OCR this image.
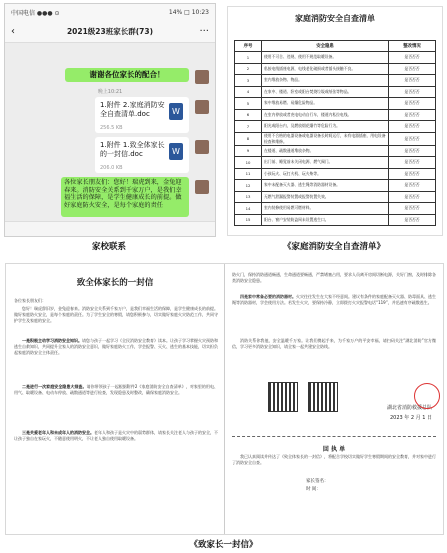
中国电信 ●●● ⊙	14% □ 10:23
‹	2021级23班家长群(73)	···
谢谢各位家长的配合！
晚上10:21
1.附件 2.家庭消防安全自查清单.doc
256.5 KB
W
1.附件 1.致全体家长的一封信.doc
206.0 KB
W
各位家长朋友们：您好！瑞虎到来，金兔迎春来。消防安全关系到千家万户，是我们幸福生活的保障，是学生健康成长的前提。做好家庭防火安全，是每个家庭的责任
家校联系
家庭消防安全自查清单
序号	安全隐患	整改情况
1	使用不可合、违规、使用不规范取暖设备。	是否否否
2	私接电线插座电源，电线老化破损或者插头接触不良。	是否否否
3	室内堆放杂物、物品。	是否否否
4	在家中、楼道、卧室或阳台焚烧垃圾或纸张等物品。	是否否否
5	家中堆放易燃、易爆危险物品。	是否否否
6	在室内停放或者充电电动自行车，楼道内私拉电线。	是否否否
7	阳光或阳台内，及燃放烟花爆竹等危险行为。	是否否否
8	使用不合格的电器设备或电器设备长时间运行，未有电器插座、用电设备检查和维修。	是否否否
9	在楼道、疏散通道堆放杂物。	是否否否
10	出门前、睡觉前未关闭电源、燃气阀门。	是否否否
11	小孩玩火、玩打火机、玩火柴等。	是否否否
12	家中未配备灭火器、逃生绳等消防器材设备。	是否否否
13	无燃气泄漏报警装置或报警装置失效。	是否否否
14	室内装修使用易燃可燃材料。	是否否否
15	阳台、窗户安装防盗网未设置逃生口。	是否否否
《家庭消防安全自查清单》
致全体家长的一封信
各位家长朋友们：
您好！瑞虎辞旧岁，金兔迎春来。消防安全关系到千家万户，是我们幸福生活的保障，是学生健康成长的前提。做好家庭防火安全，是每个家庭的责任。为了学生安全的寒假，请您积极参与，切实做好家庭火灾防范工作，共同守护学生及家庭的安全。
一是积极主动学习消防安全知识。请您与孩子一起学习《全民消防安全教育》读本。让孩子学习掌握火灾预防和逃生自救知识，共同提升全家人的消防安全意识，做好家庭防火工作，学会报警、灭火、逃生的基本技能，切实担负起家庭消防安全主体责任。
二是进行一次家庭安全隐患大排查。请你带领孩子一起根据附件2《家庭消防安全自查清单》，对家里的用电、用气、取暖设备、电动车停放、疏散通道等进行检查，发现隐患及时整改，确保家庭消防安全。
三是关爱老年人和未成年人的消防安全。老年人和孩子是火灾中的弱势群体，请家长关注老人与孩子的安全，不让孩子独自在家玩火，不随意使用明火，不让老人独自使用取暖设备。
防火门，保持消防通道畅通，生命通道要畅通，严禁堵塞占用，要求人员离开房间切断电源，关好门窗，及时排除各类消防安全隐患。
四是家中常备必要的消防器材。火灾往往发生在大家不经意间。建议有条件的家庭配备灭火器、防毒面具、逃生绳等消防器材，学会使用方法。若发生火灾，要保持冷静，立即拨打火灾报警电话“119”，并迅速有序疏散逃生。
消防关系你我他，安全温暖千万家。让我们携起手来，为千家万户的平安幸福，请扫码关注“湖北消防”官方微信，学习更多消防安全知识，请全家一起共建安全防线。
湖北省消防救援总队
2023 年 2 月 1 日
回 执 单
我已认真阅读并传达了《致全体家长的一封信》，将配合学校切实做好学生寒假期间的安全教育，并对家中进行了消防安全自查。
家长签名：
时 间：
《致家长一封信》
